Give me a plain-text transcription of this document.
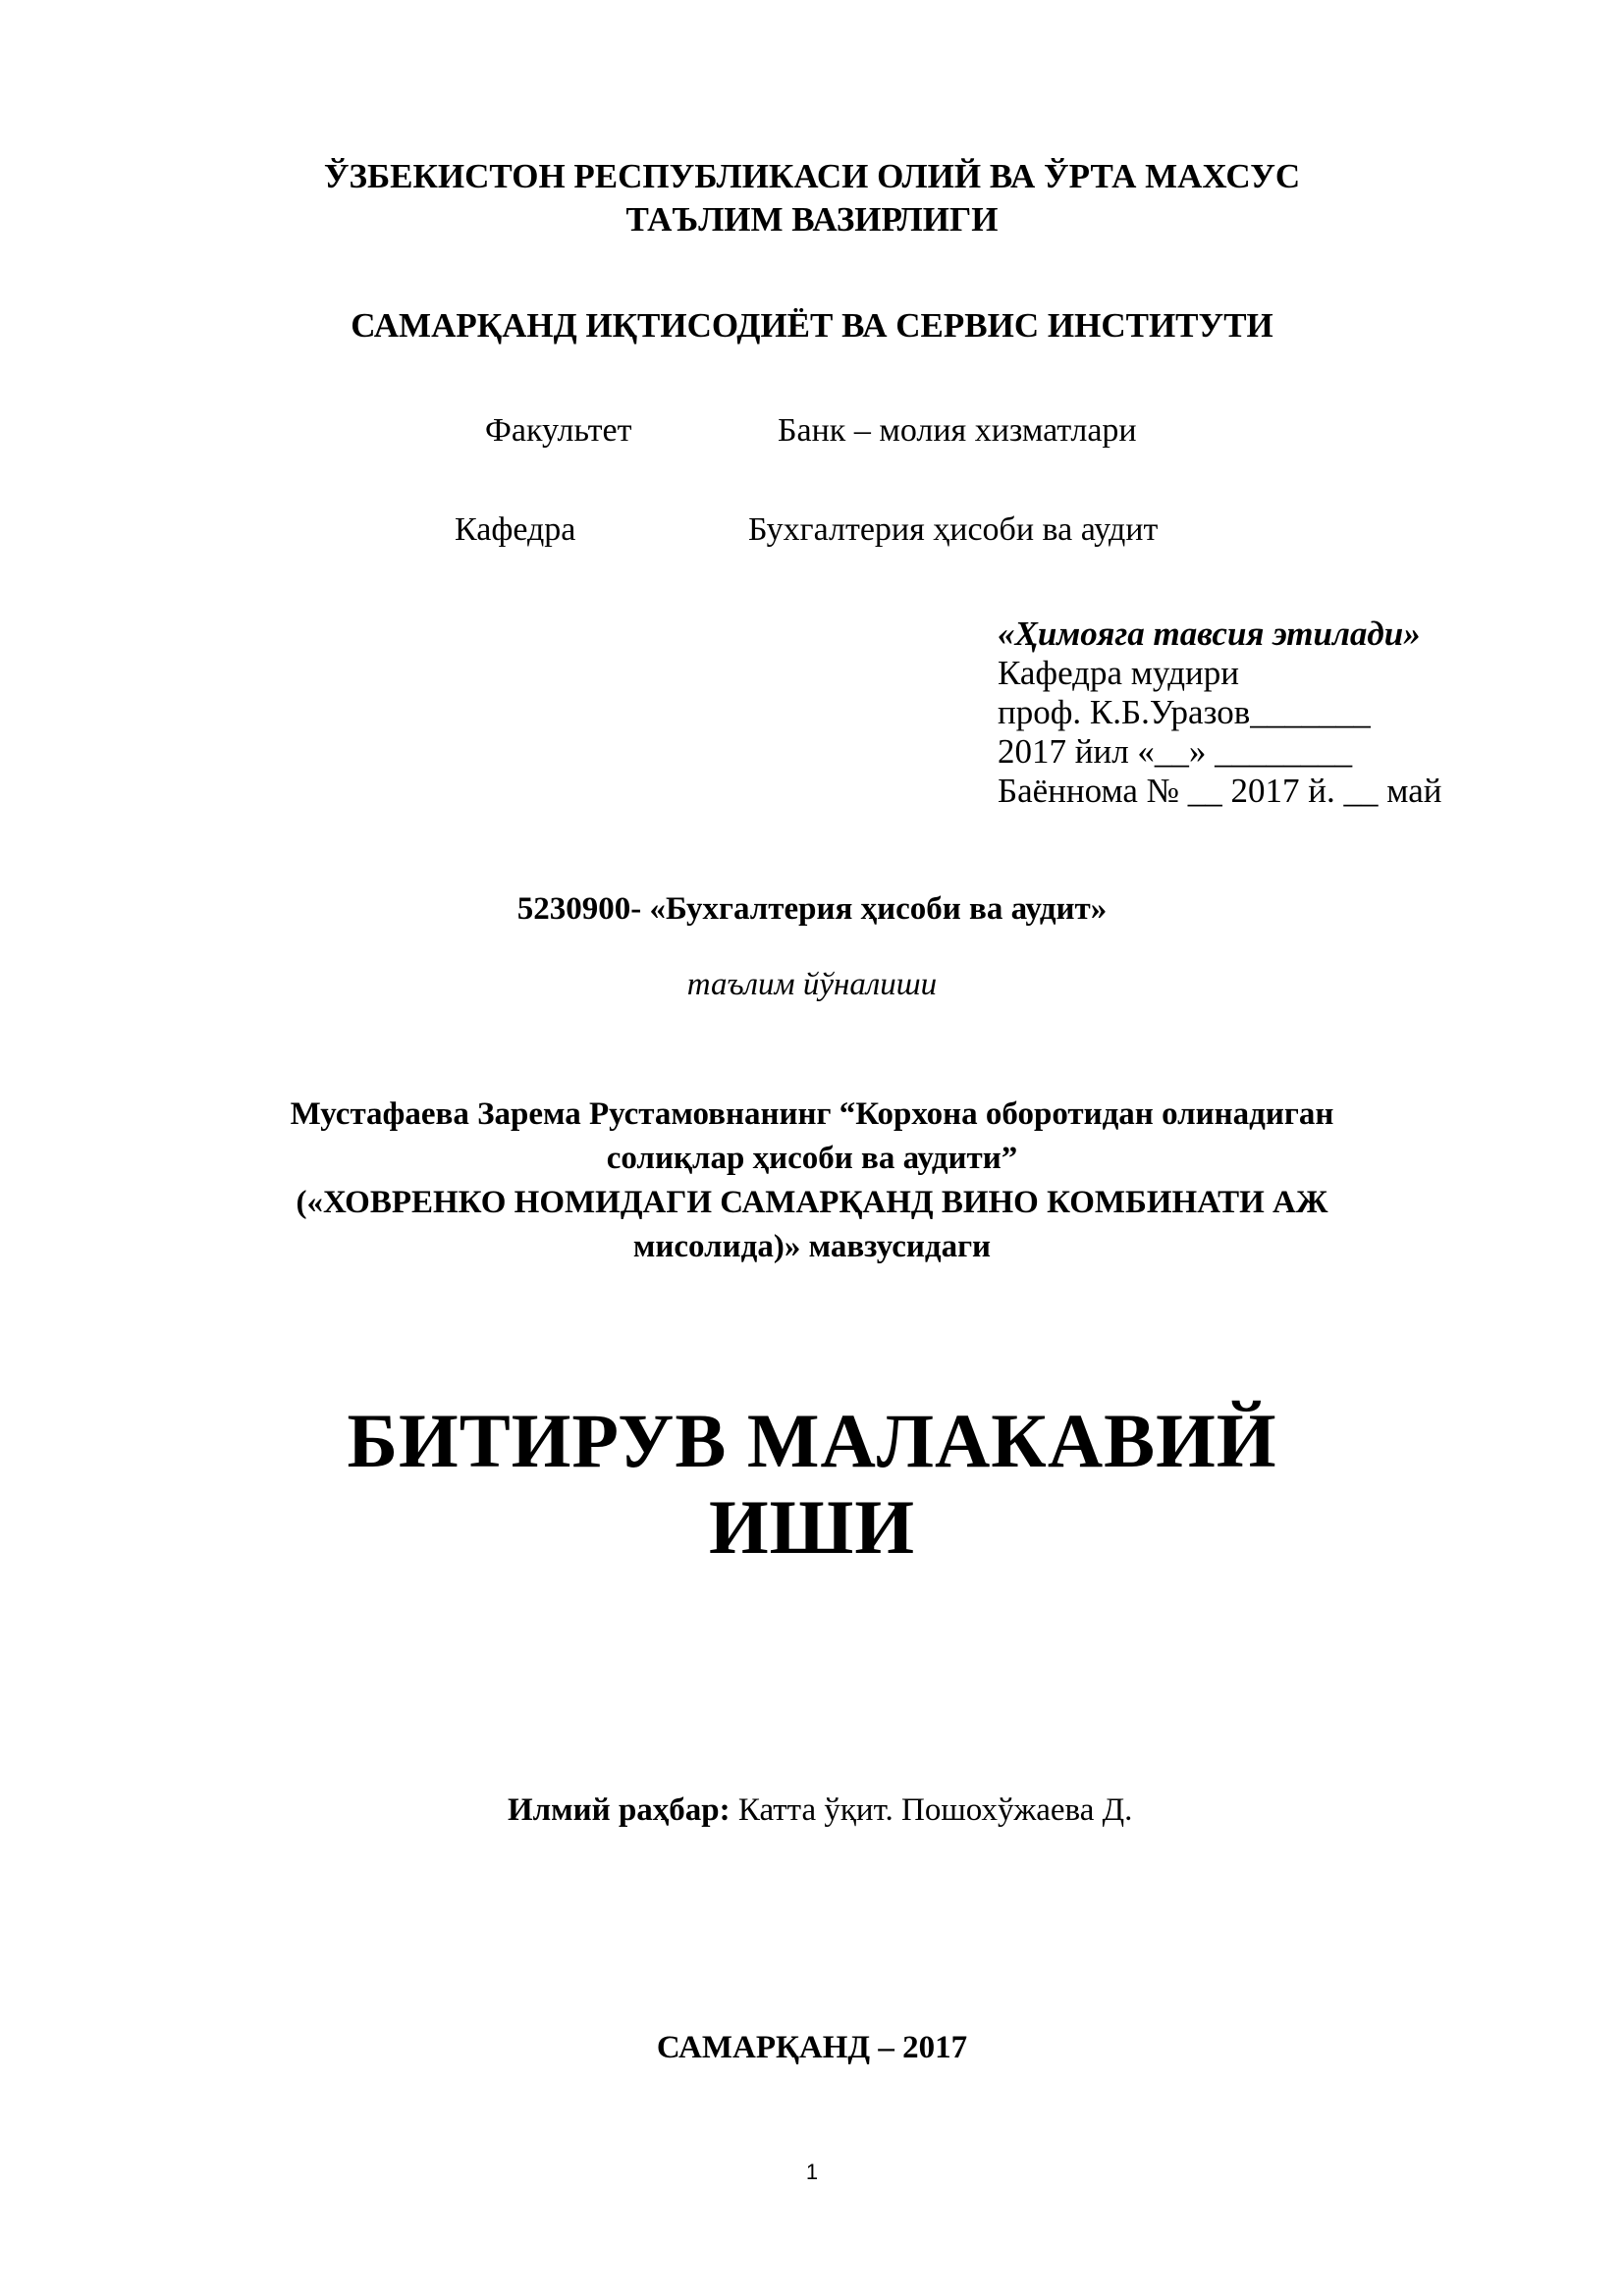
ЎЗБЕКИСТОН РЕСПУБЛИКАСИ ОЛИЙ ВА ЎРТА МАХСУС
ТАЪЛИМ ВАЗИРЛИГИ
САМАРҚАНД ИҚТИСОДИЁТ ВА СЕРВИС ИНСТИТУТИ
Факультет	Банк – молия хизматлари
Кафедра	Бухгалтерия ҳисоби ва аудит
«Ҳимояга тавсия этилади»
Кафедра мудири
проф. К.Б.Уразов_______
2017 йил «__» ________
Баённома № __ 2017 й. __ май
5230900- «Бухгалтерия ҳисоби ва аудит»
таълим йўналиши
Мустафаева Зарема Рустамовнанинг “Корхона оборотидан олинадиган
солиқлар ҳисоби ва аудити”
(«ХОВРЕНКО НОМИДАГИ САМАРҚАНД ВИНО КОМБИНАТИ АЖ
мисолида)» мавзусидаги
БИТИРУВ МАЛАКАВИЙ
ИШИ
Илмий раҳбар: Катта ўқит. Пошохўжаева Д.
САМАРҚАНД – 2017
1
